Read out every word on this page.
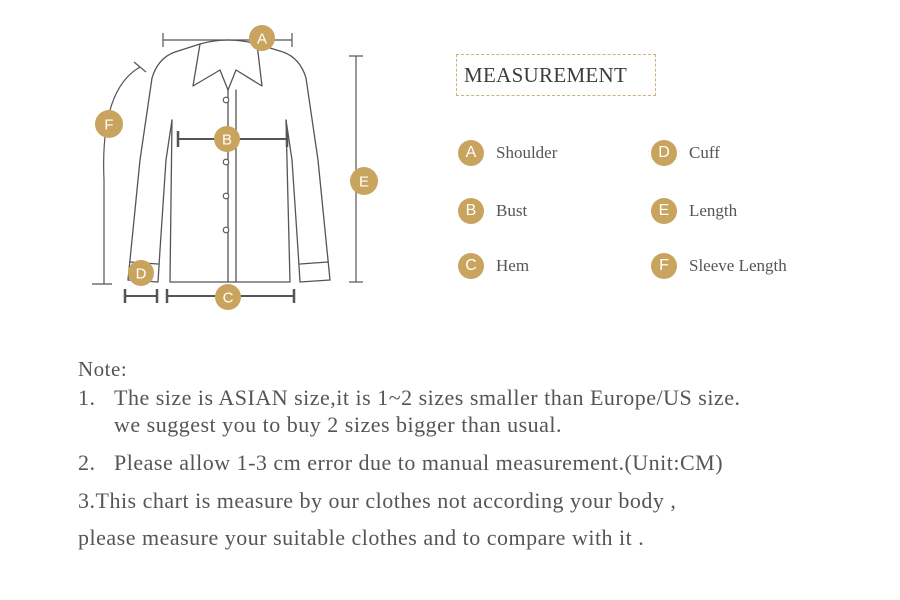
A
B
C
D
E
F
MEASUREMENT
A	Shoulder
B	Bust
C	Hem
D	Cuff
E	Length
F	Sleeve Length
Note:
1. The size is ASIAN size,it is 1~2 sizes smaller than Europe/US size.
we suggest you to buy 2 sizes bigger than usual.
2. Please allow 1-3 cm error due to manual measurement.(Unit:CM)
3.This chart is measure by our clothes not according your body ,
please measure your suitable clothes and to compare with it .
